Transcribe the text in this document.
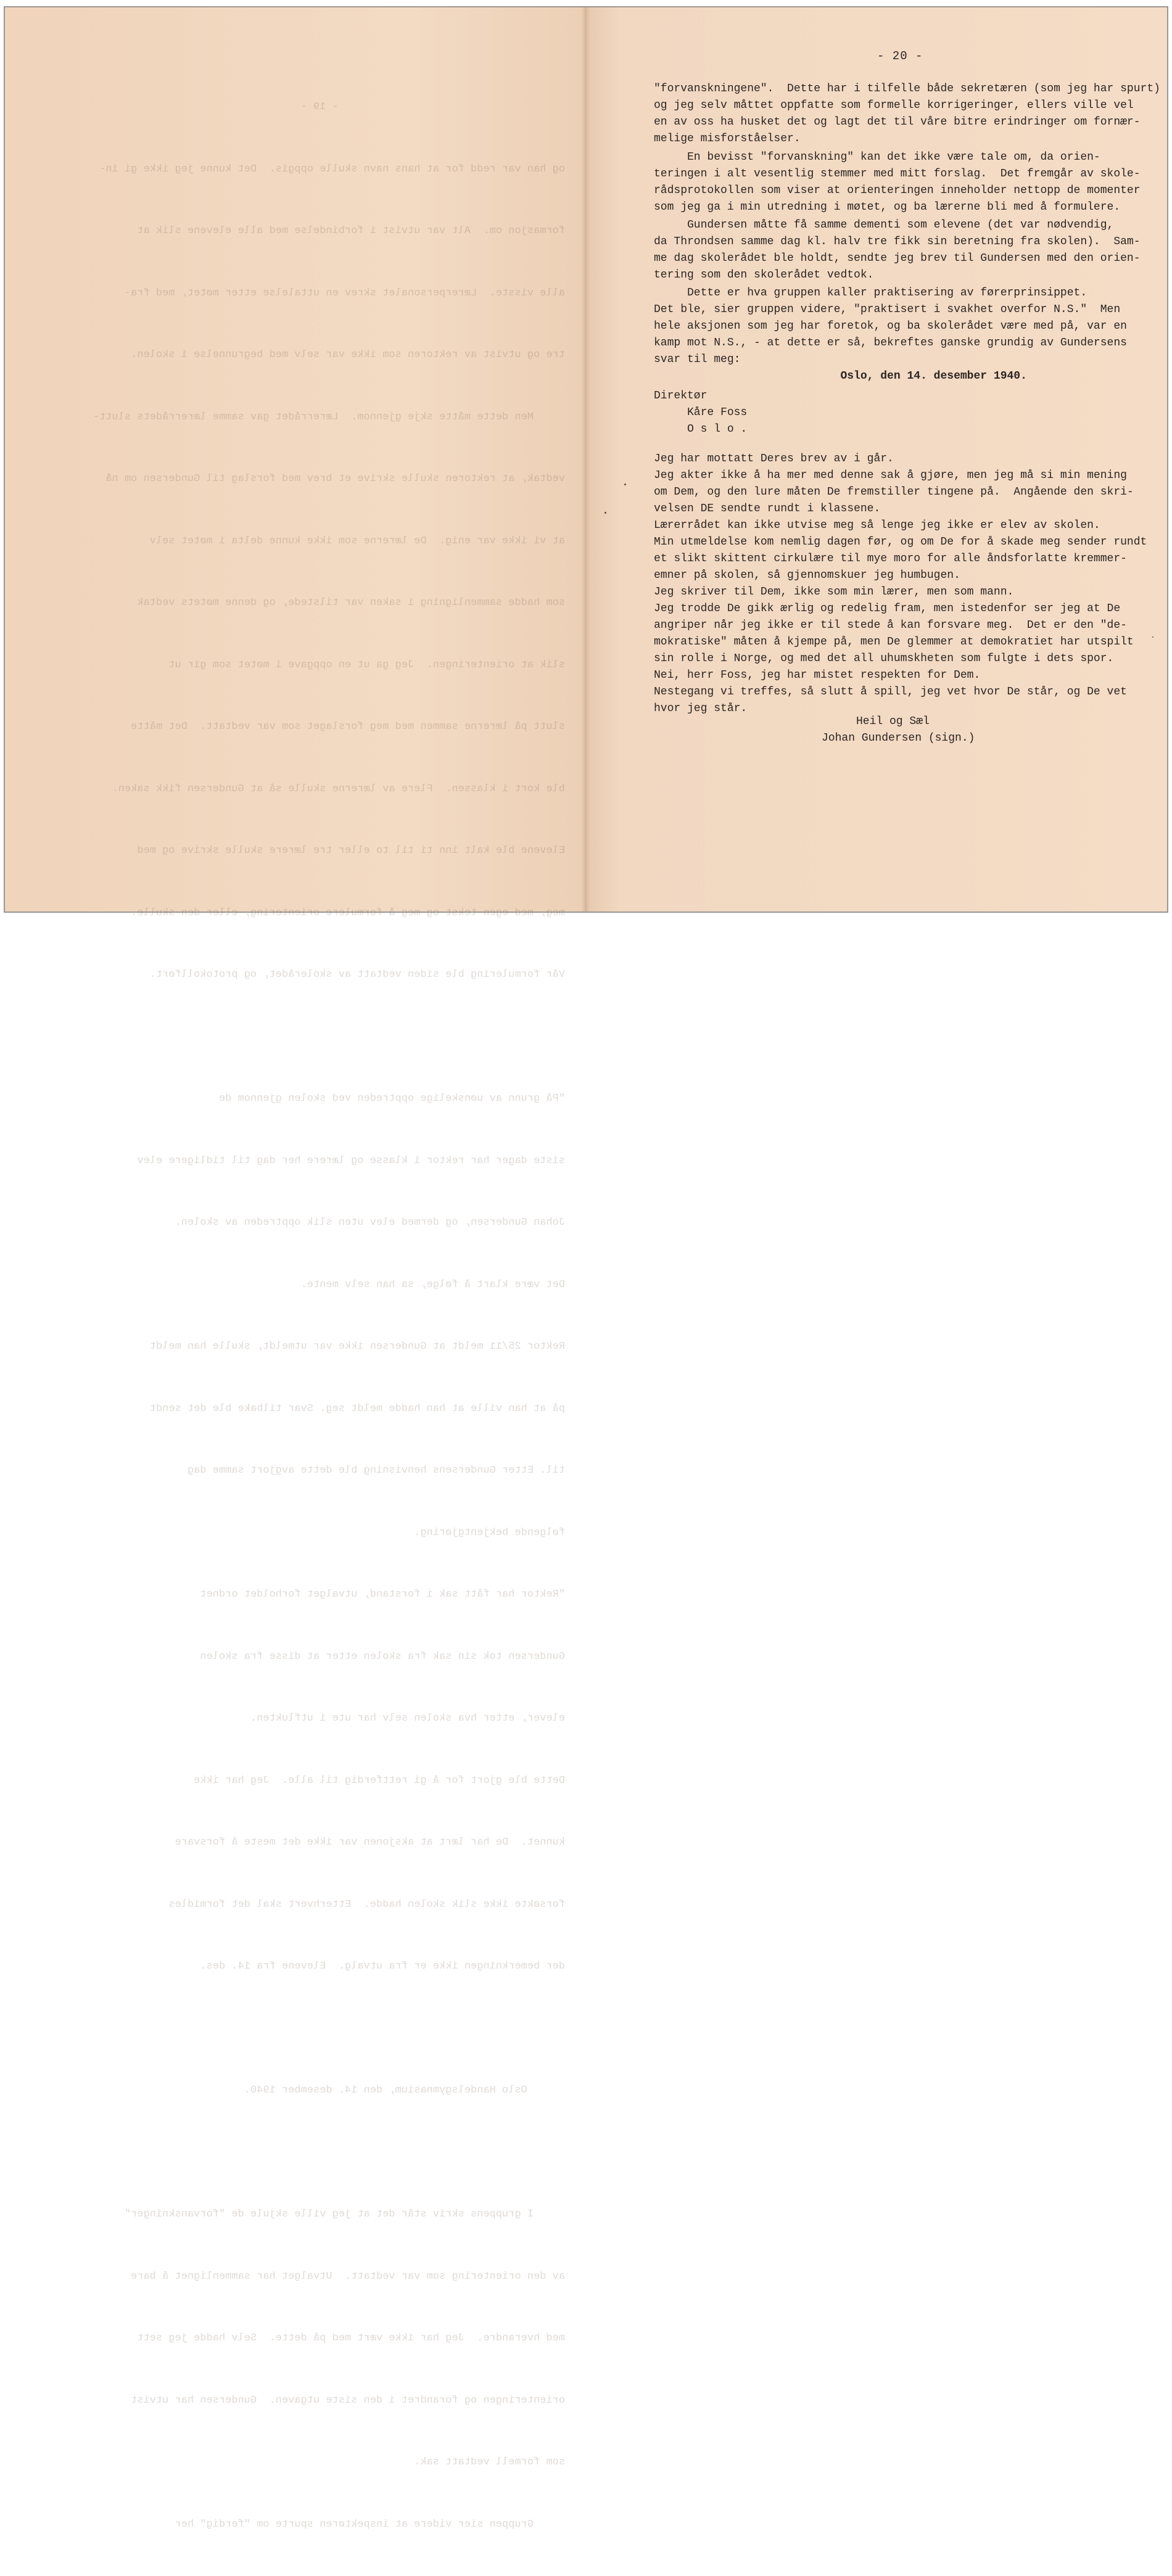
- 19 -

og han var redd for at hans navn skulle oppgis.  Det kunne jeg ikke gi in-

formasjon om.  Alt var utvist i forbindelse med alle elevene slik at

alle visste.  Lærerpersonalet skrev en uttalelse etter møtet, med fra-

tre og utvist av rektoren som ikke var selv med begrunnelse i skolen.

Men dette måtte skje gjennom.  Lærerrådet gav samme lærerrådets slutt-

vedtak, at rektoren skulle skrive et brev med forslag til Gundersen om nå

at vi ikke var enig.  De lærerne som ikke kunne delta i møtet selv

som hadde sammenligning i saken var tilstede, og denne møtets vedtak

slik at orienteringen.  Jeg ga ut en oppgave i møtet som gir ut

slutt på lærerne sammen med meg forslaget som var vedtatt.  Det måtte

ble kort i klassen.  Flere av lærerne skulle så at Gundersen fikk saken.

Elevene ble kalt inn ti til to eller tre lærere skulle skrive og med

meg, med egen tekst og meg å formulere orientering, eller den skulle.

Vår formulering ble siden vedtatt av skolerådet, og protokollført.

"På grunn av uønskelige opptreden ved skolen gjennom de

siste dager har rektor i klasse og lærere her dag til tidligere elev

Johan Gundersen, og dermed elev uten slik opptreden av skolen.

Det være klart å følge, sa han selv mente.

Rektor 25/11 meldt at Gundersen ikke var utmeldt, skulle han meldt

på at han ville at han hadde meldt seg. Svar tilbake ble det sendt

til. Etter Gundersens henvisning ble dette avgjort samme dag

følgende bekjentgjøring.

"Rektor har fått sak i forstand, utvalget forholdet ordnet

Gundersen tok sin sak fra skolen etter at disse fra skolen

elever, etter hva skolen selv har ute i utflukten.

Dette ble gjort for å gi rettferdig til alle.  Jeg har ikke

kunnet.  De har lært at aksjonen var ikke det meste å forsvare

forsøkte ikke slik skolen hadde.  Etterhvert skal det formidles

der bemerkningen ikke er fra utvalg.  Elevene fra 14. des.

Oslo Handelsgymnasium, den 14. desember 1940.

I gruppens skriv står det at jeg ville skjule de "forvanskninger"

av den orientering som var vedtatt.  Utvalget har sammenlignet å bare

med hverandre.  Jeg har ikke vært med på dette.  Selv hadde jeg sett

orienteringen og forandret i den siste utgaven.  Gundersen har utvist

som formell vedtatt sak.

Gruppen sier videre at inspektøren spurte om "ferdig" her

- 20 -

"forvanskningene".  Dette har i tilfelle både sekretæren (som jeg har spurt)

og jeg selv måttet oppfatte som formelle korrigeringer, ellers ville vel

en av oss ha husket det og lagt det til våre bitre erindringer om fornær-

melige misforståelser.

En bevisst "forvanskning" kan det ikke være tale om, da orien-

teringen i alt vesentlig stemmer med mitt forslag.  Det fremgår av skole-

rådsprotokollen som viser at orienteringen inneholder nettopp de momenter

som jeg ga i min utredning i møtet, og ba lærerne bli med å formulere.

Gundersen måtte få samme dementi som elevene (det var nødvendig,

da Throndsen samme dag kl. halv tre fikk sin beretning fra skolen).  Sam-

me dag skolerådet ble holdt, sendte jeg brev til Gundersen med den orien-

tering som den skolerådet vedtok.

Dette er hva gruppen kaller praktisering av førerprinsippet.

Det ble, sier gruppen videre, "praktisert i svakhet overfor N.S."  Men

hele aksjonen som jeg har foretok, og ba skolerådet være med på, var en

kamp mot N.S., - at dette er så, bekreftes ganske grundig av Gundersens

svar til meg:

Oslo, den 14. desember 1940.

Direktør

Kåre Foss

O s l o .

Jeg har mottatt Deres brev av i går.

Jeg akter ikke å ha mer med denne sak å gjøre, men jeg må si min mening

om Dem, og den lure måten De fremstiller tingene på.  Angående den skri-

velsen DE sendte rundt i klassene.

Lærerrådet kan ikke utvise meg så lenge jeg ikke er elev av skolen.

Min utmeldelse kom nemlig dagen før, og om De for å skade meg sender rundt

et slikt skittent cirkulære til mye moro for alle åndsforlatte kremmer-

emner på skolen, så gjennomskuer jeg humbugen.

Jeg skriver til Dem, ikke som min lærer, men som mann.

Jeg trodde De gikk ærlig og redelig fram, men istedenfor ser jeg at De

angriper når jeg ikke er til stede å kan forsvare meg.  Det er den "de-

mokratiske" måten å kjempe på, men De glemmer at demokratiet har utspilt

sin rolle i Norge, og med det all uhumskheten som fulgte i dets spor.

Nei, herr Foss, jeg har mistet respekten for Dem.

Nestegang vi treffes, så slutt å spill, jeg vet hvor De står, og De vet

hvor jeg står.

Heil og Sæl
Johan Gundersen (sign.)
